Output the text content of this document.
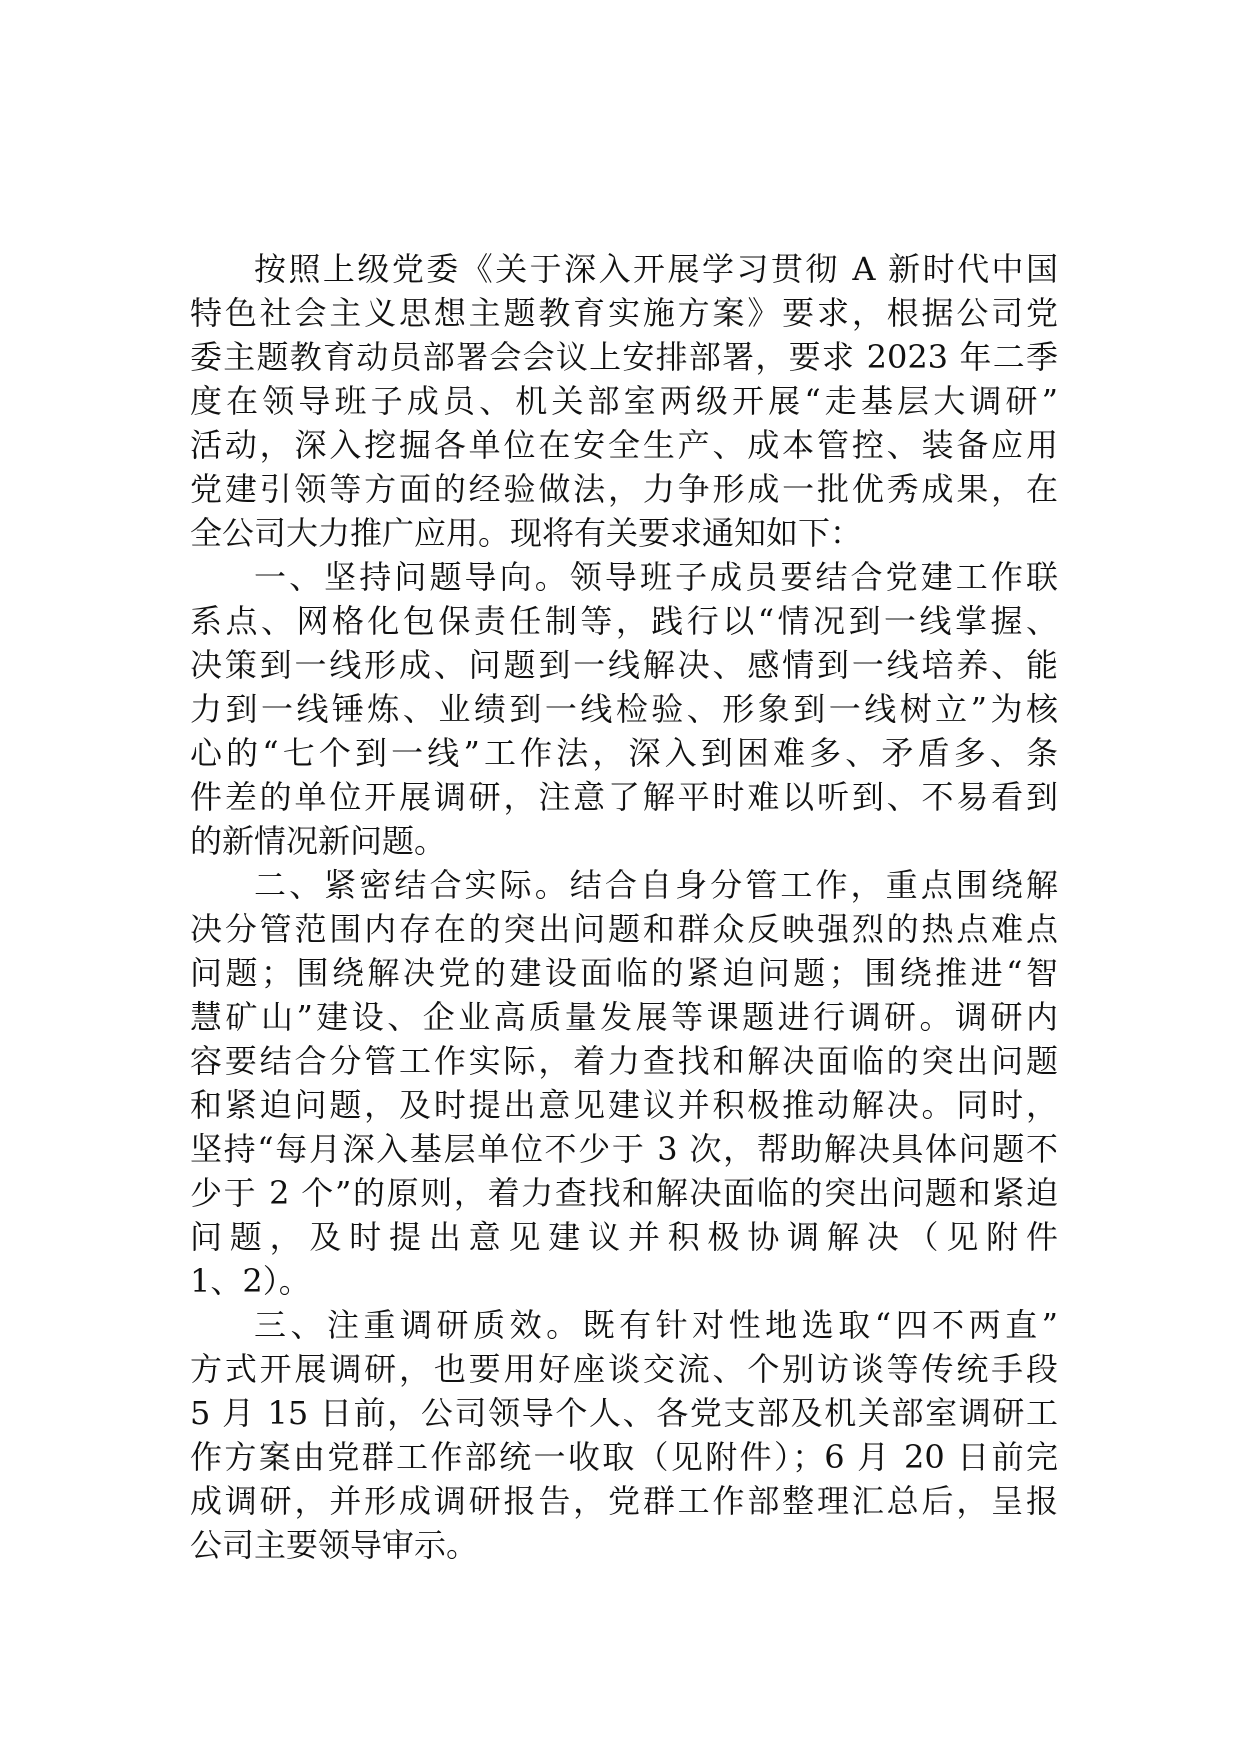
按照上级党委《关于深入开展学习贯彻 A 新时代中国
特色社会主义思想主题教育实施方案》要求，根据公司党
委主题教育动员部署会会议上安排部署，要求 2023 年二季
度在领导班子成员、机关部室两级开展“走基层大调研”
活动，深入挖掘各单位在安全生产、成本管控、装备应用
党建引领等方面的经验做法，力争形成一批优秀成果，在
全公司大力推广应用。现将有关要求通知如下：
一、坚持问题导向。领导班子成员要结合党建工作联
系点、网格化包保责任制等，践行以“情况到一线掌握、
决策到一线形成、问题到一线解决、感情到一线培养、能
力到一线锤炼、业绩到一线检验、形象到一线树立”为核
心的“七个到一线”工作法，深入到困难多、矛盾多、条
件差的单位开展调研，注意了解平时难以听到、不易看到
的新情况新问题。
二、紧密结合实际。结合自身分管工作，重点围绕解
决分管范围内存在的突出问题和群众反映强烈的热点难点
问题；围绕解决党的建设面临的紧迫问题；围绕推进“智
慧矿山”建设、企业高质量发展等课题进行调研。调研内
容要结合分管工作实际，着力查找和解决面临的突出问题
和紧迫问题，及时提出意见建议并积极推动解决。同时，
坚持“每月深入基层单位不少于 3 次，帮助解决具体问题不
少于 2 个”的原则，着力查找和解决面临的突出问题和紧迫
问题，及时提出意见建议并积极协调解决（见附件
1、2）。
三、注重调研质效。既有针对性地选取“四不两直”
方式开展调研，也要用好座谈交流、个别访谈等传统手段
5 月 15 日前，公司领导个人、各党支部及机关部室调研工
作方案由党群工作部统一收取（见附件）；6 月 20 日前完
成调研，并形成调研报告，党群工作部整理汇总后，呈报
公司主要领导审示。
